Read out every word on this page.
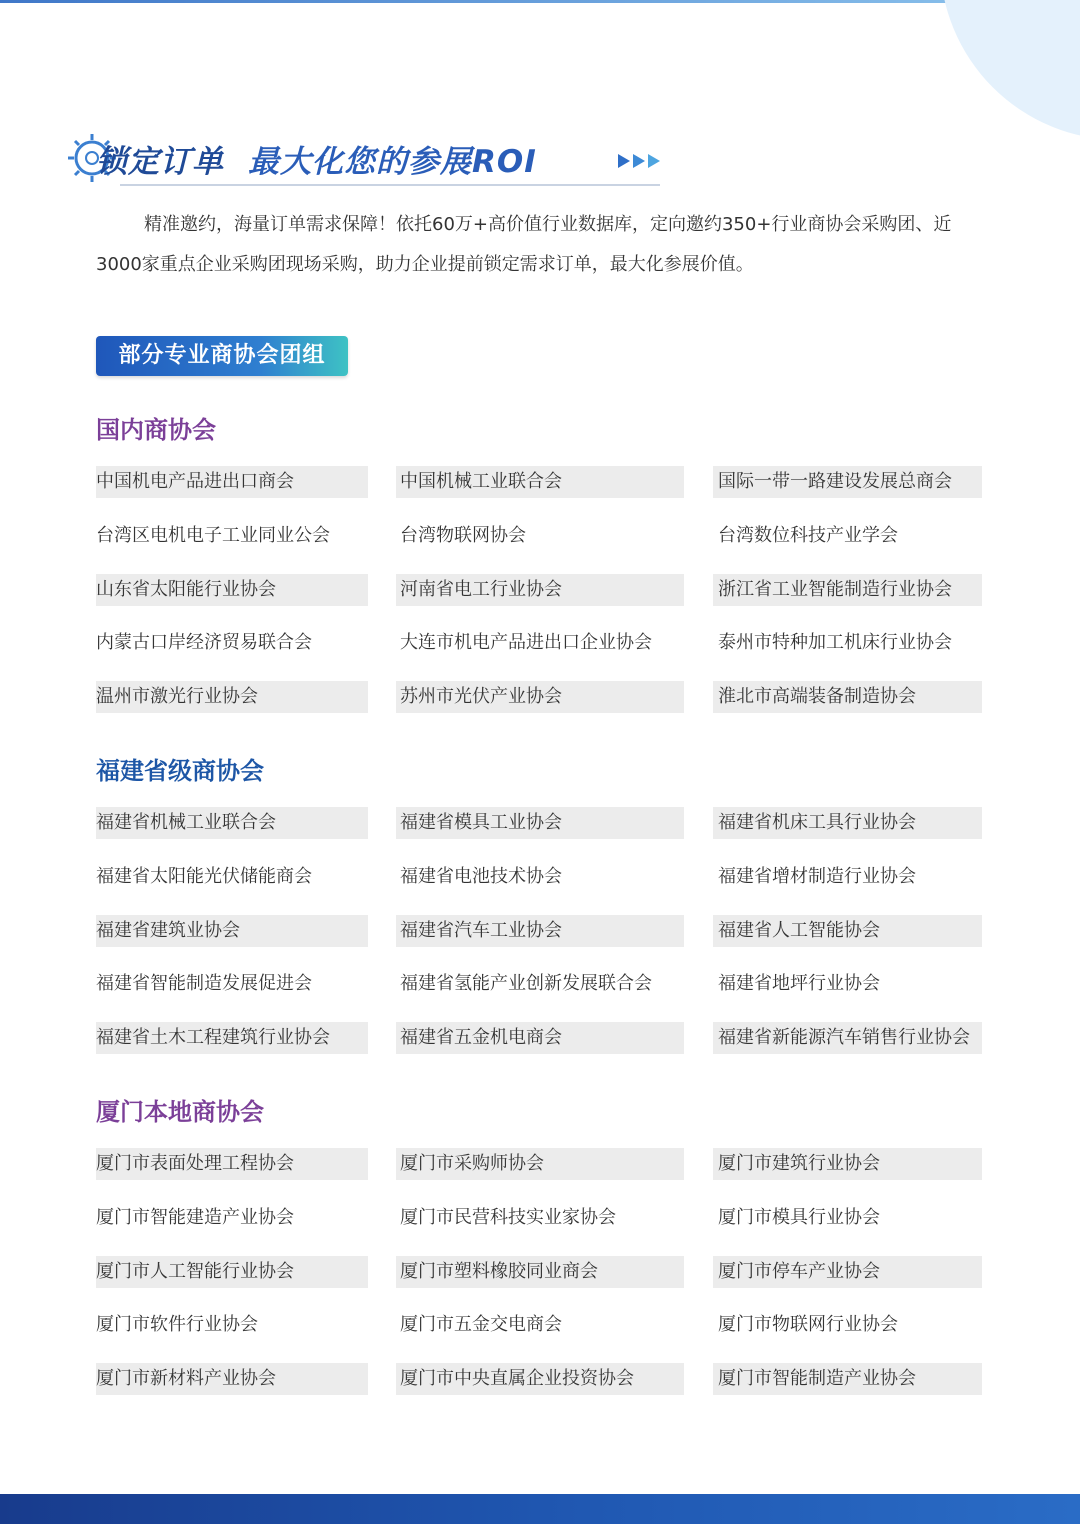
锁定订单 最大化您的参展ROI

精准邀约，海量订单需求保障！依托60万+高价值行业数据库，定向邀约350+行业商协会采购团、近3000家重点企业采购团现场采购，助力企业提前锁定需求订单，最大化参展价值。

部分专业商协会团组
国内商协会
中国机电产品进出口商会	中国机械工业联合会	国际一带一路建设发展总商会
台湾区电机电子工业同业公会	台湾物联网协会	台湾数位科技产业学会
山东省太阳能行业协会	河南省电工行业协会	浙江省工业智能制造行业协会
内蒙古口岸经济贸易联合会	大连市机电产品进出口企业协会	泰州市特种加工机床行业协会
温州市激光行业协会	苏州市光伏产业协会	淮北市高端装备制造协会
福建省级商协会
福建省机械工业联合会	福建省模具工业协会	福建省机床工具行业协会
福建省太阳能光伏储能商会	福建省电池技术协会	福建省增材制造行业协会
福建省建筑业协会	福建省汽车工业协会	福建省人工智能协会
福建省智能制造发展促进会	福建省氢能产业创新发展联合会	福建省地坪行业协会
福建省土木工程建筑行业协会	福建省五金机电商会	福建省新能源汽车销售行业协会
厦门本地商协会
厦门市表面处理工程协会	厦门市采购师协会	厦门市建筑行业协会
厦门市智能建造产业协会	厦门市民营科技实业家协会	厦门市模具行业协会
厦门市人工智能行业协会	厦门市塑料橡胶同业商会	厦门市停车产业协会
厦门市软件行业协会	厦门市五金交电商会	厦门市物联网行业协会
厦门市新材料产业协会	厦门市中央直属企业投资协会	厦门市智能制造产业协会
